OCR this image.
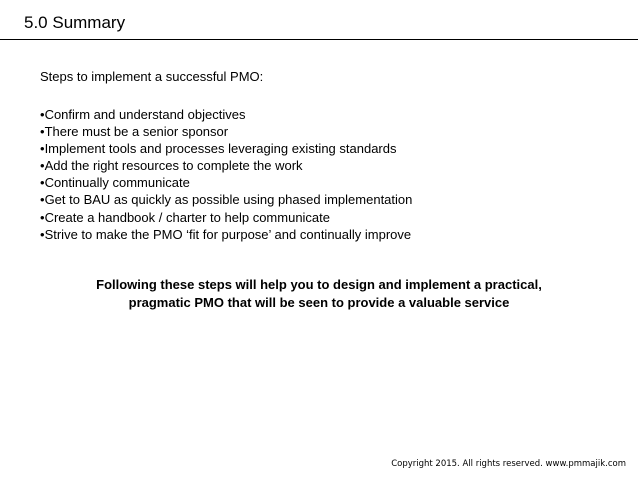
5.0 Summary
Steps to implement a successful PMO:
•Confirm and understand objectives
•There must be a senior sponsor
•Implement tools and processes leveraging existing standards
•Add the right resources to complete the work
•Continually communicate
•Get to BAU as quickly as possible using phased implementation
•Create a handbook / charter to help communicate
•Strive to make the PMO ‘fit for purpose’ and continually improve
Following these steps will help you to design and implement a practical,
pragmatic PMO that will be seen to provide a valuable service
Copyright 2015. All rights reserved. www.pmmajik.com
